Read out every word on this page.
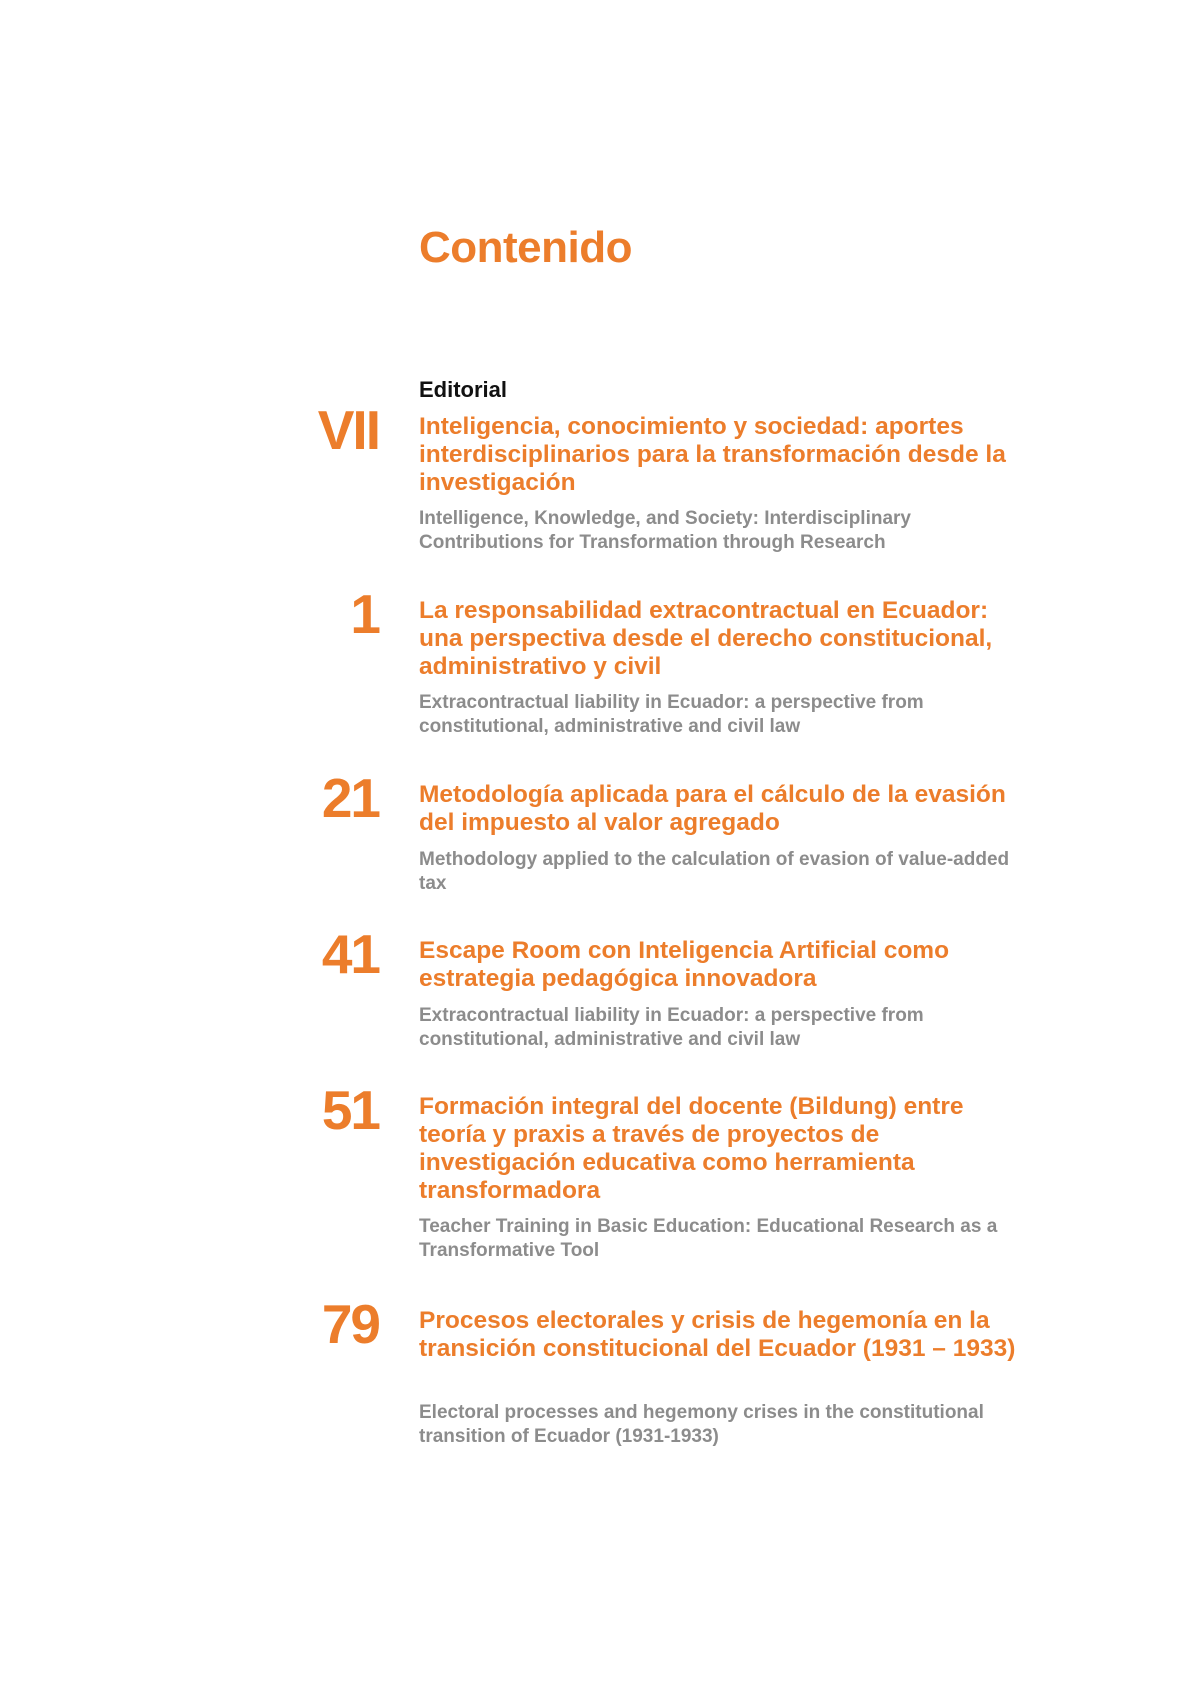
Contenido
Editorial
VII Inteligencia, conocimiento y sociedad: aportes interdisciplinarios para la transformación desde la investigación
Intelligence, Knowledge, and Society: Interdisciplinary Contributions for Transformation through Research
1 La responsabilidad extracontractual en Ecuador: una perspectiva desde el derecho constitucional, administrativo y civil
Extracontractual liability in Ecuador: a perspective from constitutional, administrative and civil law
21 Metodología aplicada para el cálculo de la evasión del impuesto al valor agregado
Methodology applied to the calculation of evasion of value-added tax
41 Escape Room con Inteligencia Artificial como estrategia pedagógica innovadora
Extracontractual liability in Ecuador: a perspective from constitutional, administrative and civil law
51 Formación integral del docente (Bildung) entre teoría y praxis a través de proyectos de investigación educativa como herramienta transformadora
Teacher Training in Basic Education: Educational Research as a Transformative Tool
79 Procesos electorales y crisis de hegemonía en la transición constitucional del Ecuador (1931 – 1933)
Electoral processes and hegemony crises in the constitutional transition of Ecuador (1931-1933)
